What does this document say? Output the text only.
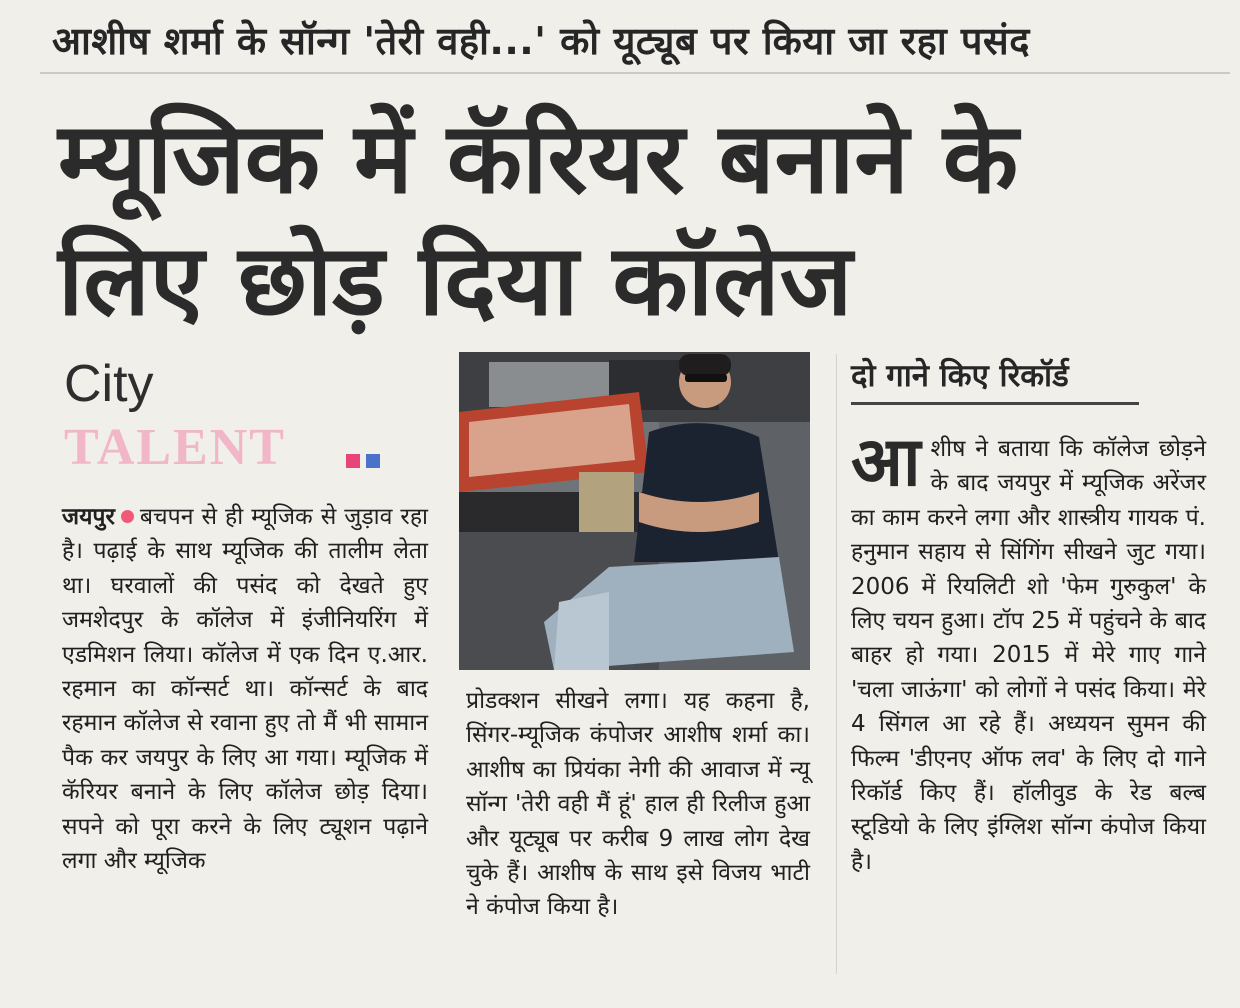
आशीष शर्मा के सॉन्ग 'तेरी वही...' को यूट्यूब पर किया जा रहा पसंद
म्यूजिक में कॅरियर बनाने के लिए छोड़ दिया कॉलेज
City
TALENT
जयपुर बचपन से ही म्यूजिक से जुड़ाव रहा है। पढ़ाई के साथ म्यूजिक की तालीम लेता था। घरवालों की पसंद को देखते हुए जमशेदपुर के कॉलेज में इंजीनियरिंग में एडमिशन लिया। कॉलेज में एक दिन ए.आर. रहमान का कॉन्सर्ट था। कॉन्सर्ट के बाद रहमान कॉलेज से रवाना हुए तो मैं भी सामान पैक कर जयपुर के लिए आ गया। म्यूजिक में कॅरियर बनाने के लिए कॉलेज छोड़ दिया। सपने को पूरा करने के लिए ट्यूशन पढ़ाने लगा और म्यूजिक
प्रोडक्शन सीखने लगा। यह कहना है, सिंगर-म्यूजिक कंपोजर आशीष शर्मा का। आशीष का प्रियंका नेगी की आवाज में न्यू सॉन्ग 'तेरी वही मैं हूं' हाल ही रिलीज हुआ और यूट्यूब पर करीब 9 लाख लोग देख चुके हैं। आशीष के साथ इसे विजय भाटी ने कंपोज किया है।
दो गाने किए रिकॉर्ड
आशीष ने बताया कि कॉलेज छोड़ने के बाद जयपुर में म्यूजिक अरेंजर का काम करने लगा और शास्त्रीय गायक पं. हनुमान सहाय से सिंगिंग सीखने जुट गया। 2006 में रियलिटी शो 'फेम गुरुकुल' के लिए चयन हुआ। टॉप 25 में पहुंचने के बाद बाहर हो गया। 2015 में मेरे गाए गाने 'चला जाऊंगा' को लोगों ने पसंद किया। मेरे 4 सिंगल आ रहे हैं। अध्ययन सुमन की फिल्म 'डीएनए ऑफ लव' के लिए दो गाने रिकॉर्ड किए हैं। हॉलीवुड के रेड बल्ब स्टूडियो के लिए इंग्लिश सॉन्ग कंपोज किया है।
